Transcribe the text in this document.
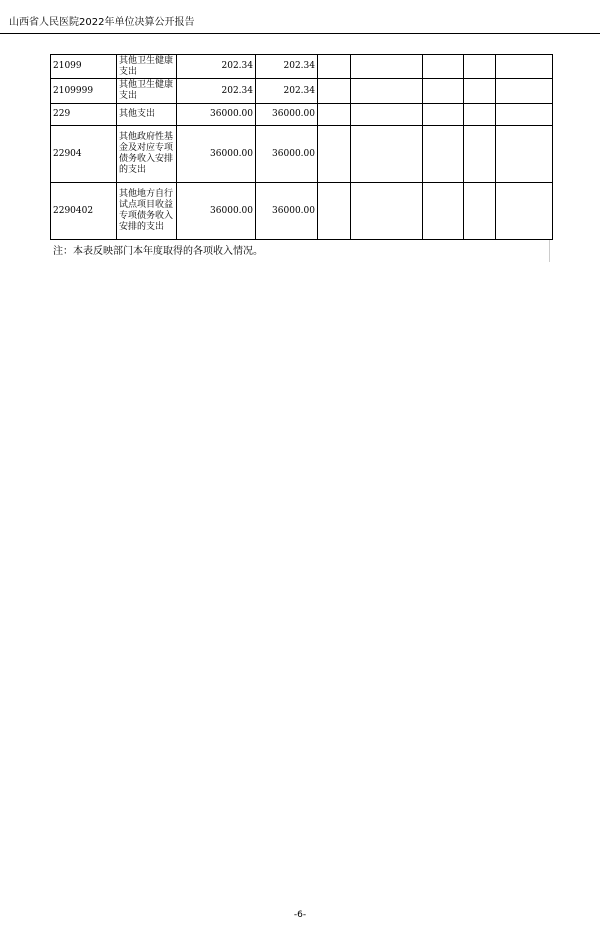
山西省人民医院2022年单位决算公开报告
21099	其他卫生健康支出	202.34	202.34					
2109999	其他卫生健康支出	202.34	202.34					
229	其他支出	36000.00	36000.00					
22904	其他政府性基金及对应专项债务收入安排的支出	36000.00	36000.00					
2290402	其他地方自行试点项目收益专项债务收入安排的支出	36000.00	36000.00					
注：本表反映部门本年度取得的各项收入情况。
-6-
